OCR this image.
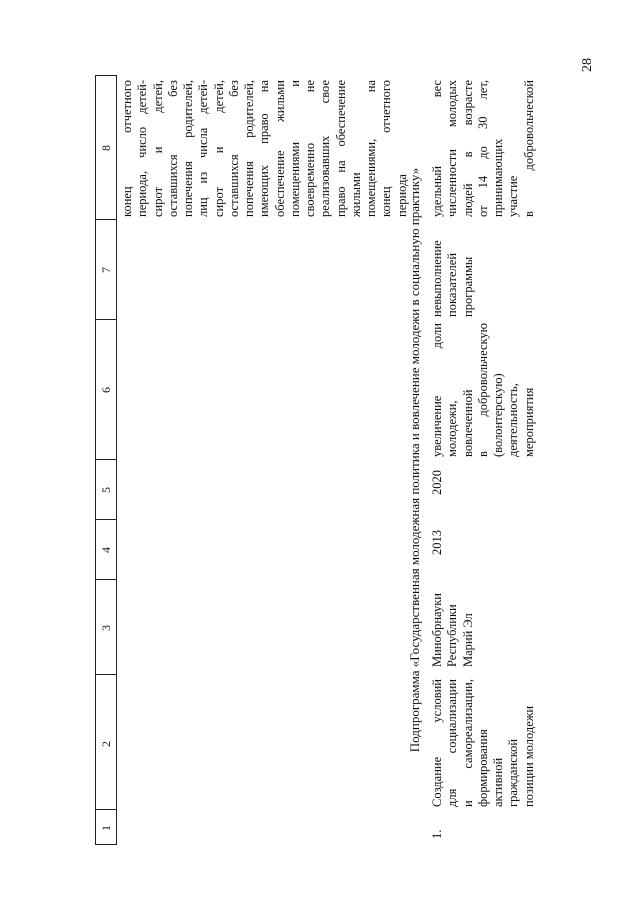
28
1
2
3
4
5
6
7
8 конец отчетного периода, число детей- сирот и детей, оставшихся без попечения родителей, лиц из числа детей- сирот и детей, оставшихся без попечения родителей, имеющих право на обеспечение жильми помещениями и своевременно не реализовавших свое право на обеспечение жилыми помещениями, на конец отчетного периода
Подпрограмма «Государственная молодежная политика и вовлечение молодежи в социальную практику»
1.
Создание условий для социализации и самореализации, формирования активной гражданской позиции молодежи
Минобрнауки Республики Марий Эл
2013
2020
увеличение доли молодежи, вовлеченной в добровольческую (волонтерскую) деятельность, мероприятия
невыполнение показателей программы
удельный вес численности молодых людей в возрасте от 14 до 30 лет, принимающих участие в добровольческой
